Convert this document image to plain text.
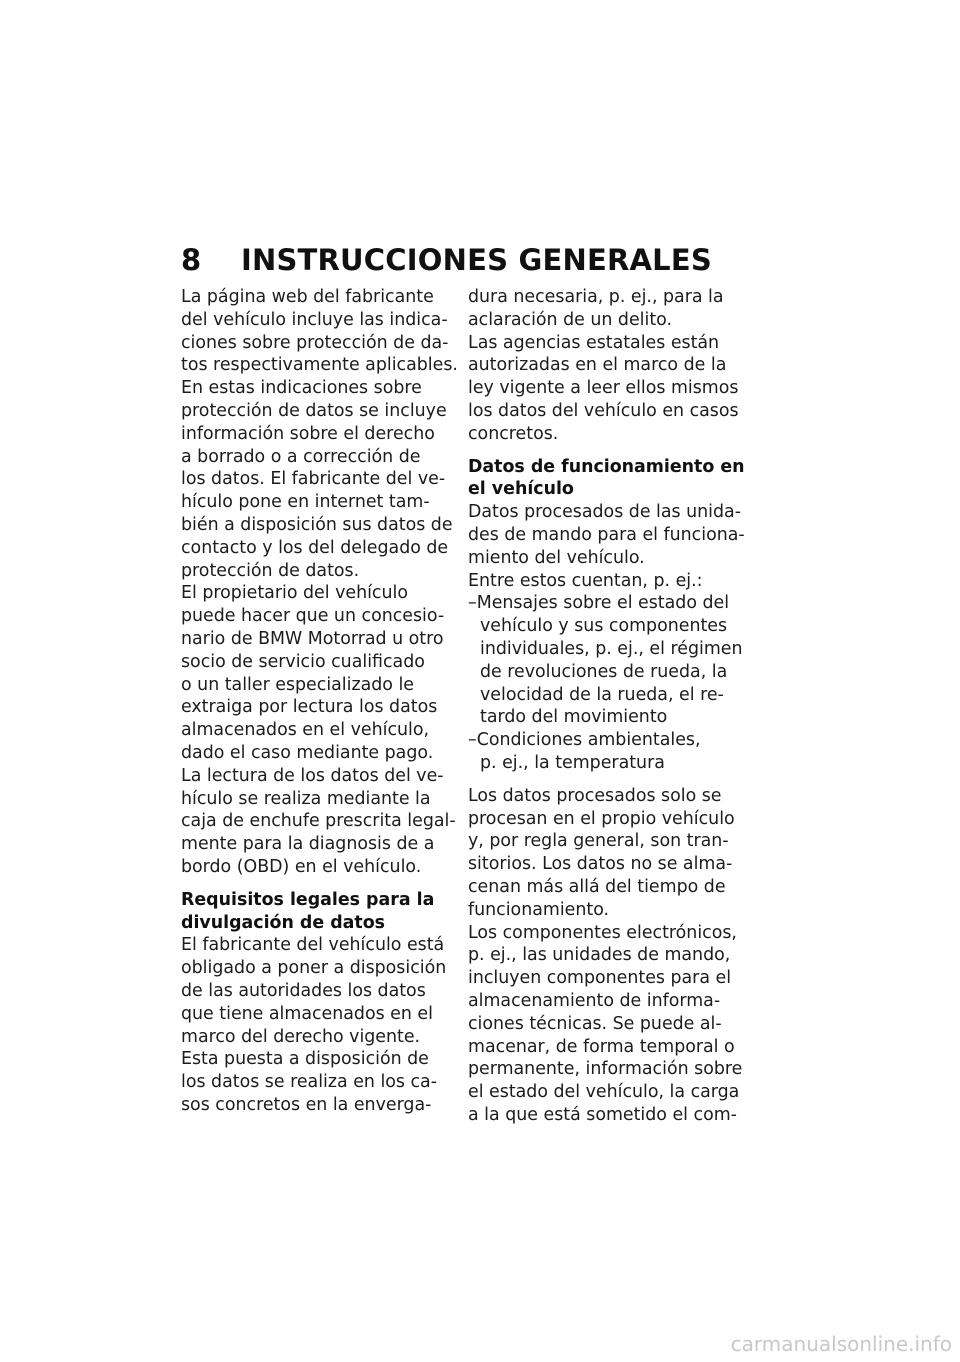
8 INSTRUCCIONES GENERALES
La página web del fabricante
del vehículo incluye las indica-
ciones sobre protección de da-
tos respectivamente aplicables.
En estas indicaciones sobre
protección de datos se incluye
información sobre el derecho
a borrado o a corrección de
los datos. El fabricante del ve-
hículo pone en internet tam-
bién a disposición sus datos de
contacto y los del delegado de
protección de datos.
El propietario del vehículo
puede hacer que un concesio-
nario de BMW Motorrad u otro
socio de servicio cualificado
o un taller especializado le
extraiga por lectura los datos
almacenados en el vehículo,
dado el caso mediante pago.
La lectura de los datos del ve-
hículo se realiza mediante la
caja de enchufe prescrita legal-
mente para la diagnosis de a
bordo (OBD) en el vehículo.
Requisitos legales para la
divulgación de datos
El fabricante del vehículo está
obligado a poner a disposición
de las autoridades los datos
que tiene almacenados en el
marco del derecho vigente.
Esta puesta a disposición de
los datos se realiza en los ca-
sos concretos en la enverga-
dura necesaria, p. ej., para la
aclaración de un delito.
Las agencias estatales están
autorizadas en el marco de la
ley vigente a leer ellos mismos
los datos del vehículo en casos
concretos.
Datos de funcionamiento en
el vehículo
Datos procesados de las unida-
des de mando para el funciona-
miento del vehículo.
Entre estos cuentan, p. ej.:
–Mensajes sobre el estado del
vehículo y sus componentes
individuales, p. ej., el régimen
de revoluciones de rueda, la
velocidad de la rueda, el re-
tardo del movimiento
–Condiciones ambientales,
p. ej., la temperatura
Los datos procesados solo se
procesan en el propio vehículo
y, por regla general, son tran-
sitorios. Los datos no se alma-
cenan más allá del tiempo de
funcionamiento.
Los componentes electrónicos,
p. ej., las unidades de mando,
incluyen componentes para el
almacenamiento de informa-
ciones técnicas. Se puede al-
macenar, de forma temporal o
permanente, información sobre
el estado del vehículo, la carga
a la que está sometido el com-
carmanualsonline.info
